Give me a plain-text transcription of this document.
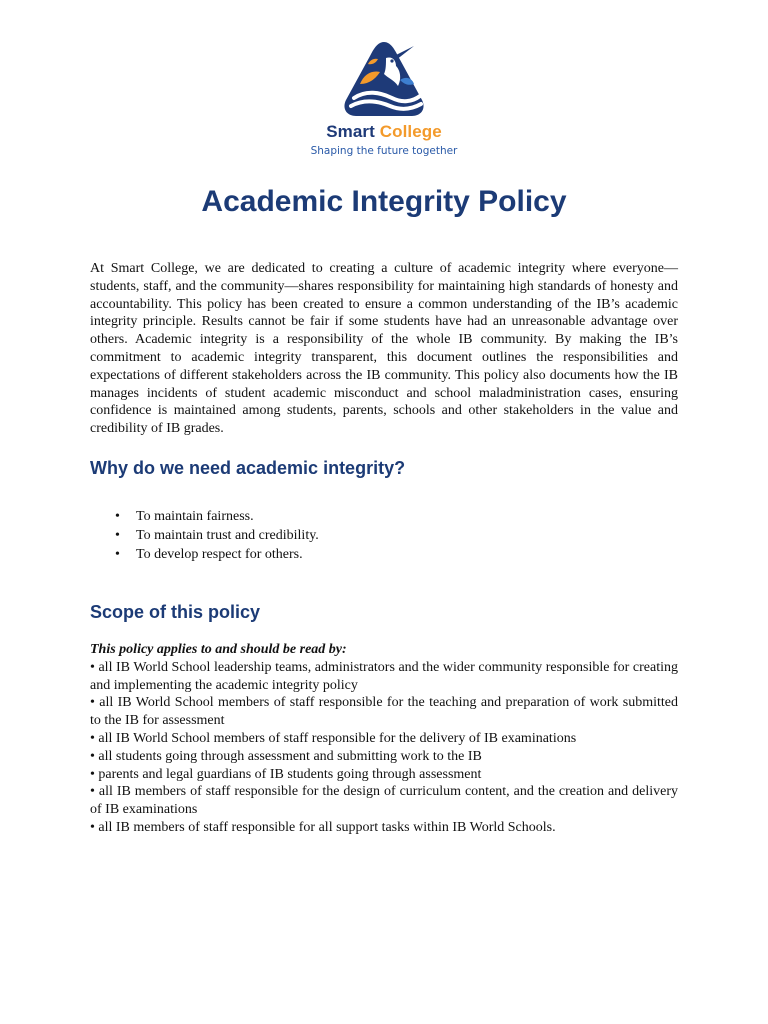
Smart College
Shaping the future together
Academic Integrity Policy

At Smart College, we are dedicated to creating a culture of academic integrity where everyone—students, staff, and the community—shares responsibility for maintaining high standards of honesty and accountability. This policy has been created to ensure a common understanding of the IB’s academic integrity principle. Results cannot be fair if some students have had an unreasonable advantage over others. Academic integrity is a responsibility of the whole IB community. By making the IB’s commitment to academic integrity transparent, this document outlines the responsibilities and expectations of different stakeholders across the IB community. This policy also documents how the IB manages incidents of student academic misconduct and school maladministration cases, ensuring confidence is maintained among students, parents, schools and other stakeholders in the value and credibility of IB grades.

Why do we need academic integrity?
• To maintain fairness.
• To maintain trust and credibility.
• To develop respect for others.
Scope of this policy

This policy applies to and should be read by:

• all IB World School leadership teams, administrators and the wider community responsible for creating and implementing the academic integrity policy

• all IB World School members of staff responsible for the teaching and preparation of work submitted to the IB for assessment

• all IB World School members of staff responsible for the delivery of IB examinations

• all students going through assessment and submitting work to the IB

• parents and legal guardians of IB students going through assessment

• all IB members of staff responsible for the design of curriculum content, and the creation and delivery of IB examinations

• all IB members of staff responsible for all support tasks within IB World Schools.
